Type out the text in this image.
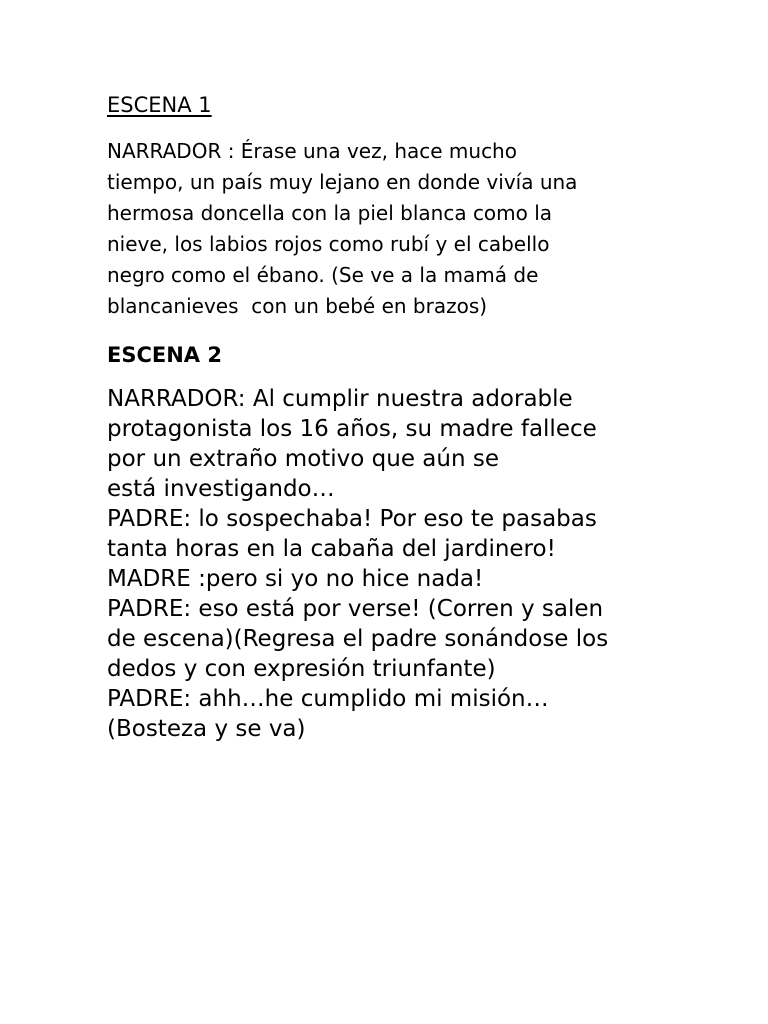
ESCENA 1

NARRADOR : Érase una vez, hace mucho

tiempo, un país muy lejano en donde vivía una

hermosa doncella con la piel blanca como la

nieve, los labios rojos como rubí y el cabello

negro como el ébano. (Se ve a la mamá de

blancanieves  con un bebé en brazos)

ESCENA 2

NARRADOR: Al cumplir nuestra adorable

protagonista los 16 años, su madre fallece

por un extraño motivo que aún se

está investigando…

PADRE: lo sospechaba! Por eso te pasabas

tanta horas en la cabaña del jardinero!

MADRE :pero si yo no hice nada!

PADRE: eso está por verse! (Corren y salen

de escena)(Regresa el padre sonándose los

dedos y con expresión triunfante)

PADRE: ahh…he cumplido mi misión…

(Bosteza y se va)
